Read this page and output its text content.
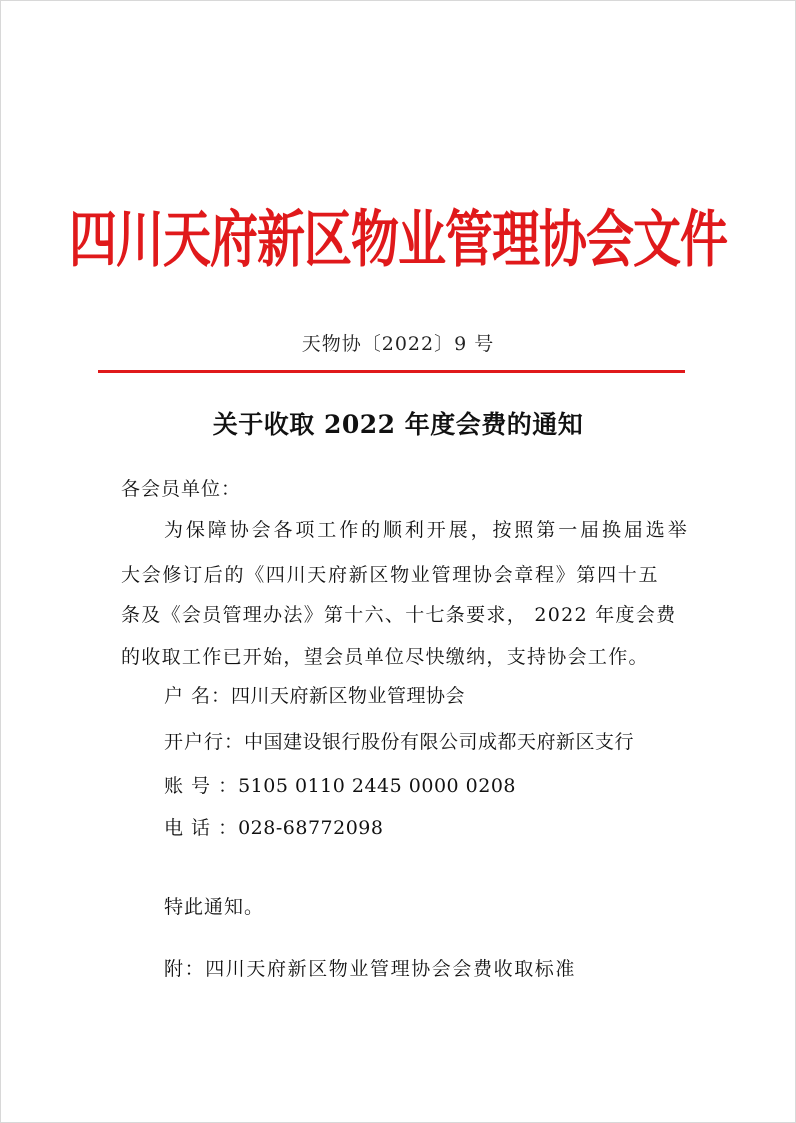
四川天府新区物业管理协会文件
天物协〔2022〕9 号
关于收取 2022 年度会费的通知
各会员单位：
为保障协会各项工作的顺利开展，按照第一届换届选举
大会修订后的《四川天府新区物业管理协会章程》第四十五
条及《会员管理办法》第十六、十七条要求， 2022 年度会费
的收取工作已开始，望会员单位尽快缴纳，支持协会工作。
户 名：四川天府新区物业管理协会
开户行：中国建设银行股份有限公司成都天府新区支行
账 号 ：5105 0110 2445 0000 0208
电 话 ：028-68772098
特此通知。
附：四川天府新区物业管理协会会费收取标准
